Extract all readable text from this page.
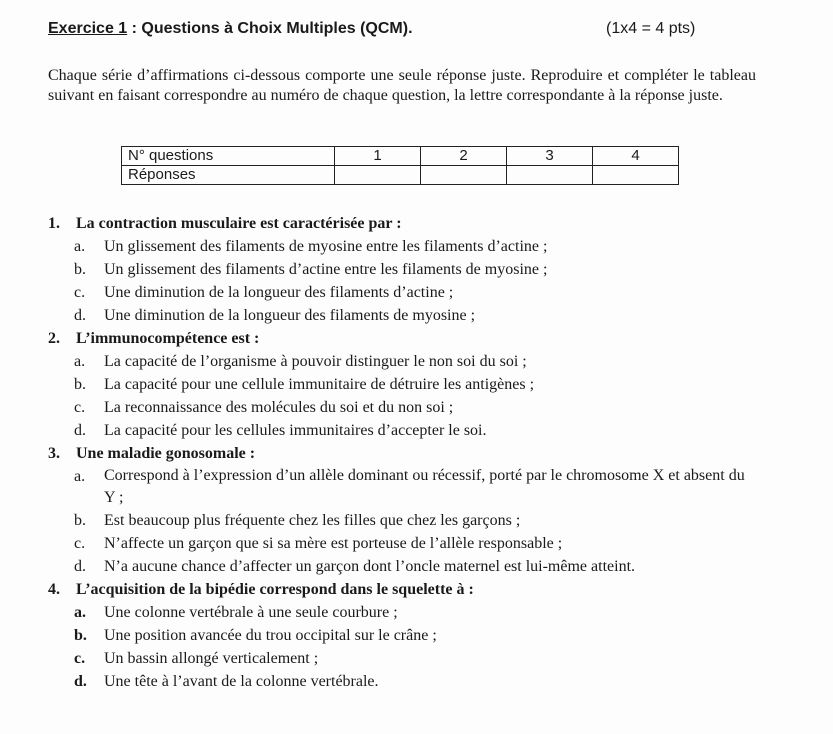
Exercice 1 : Questions à Choix Multiples (QCM).	(1x4 = 4 pts)
Chaque série d’affirmations ci-dessous comporte une seule réponse juste. Reproduire et compléter le tableau suivant en faisant correspondre au numéro de chaque question, la lettre correspondante à la réponse juste.
N° questions	1	2	3	4
Réponses				
1. La contraction musculaire est caractérisée par :
a. Un glissement des filaments de myosine entre les filaments d’actine ;
b. Un glissement des filaments d’actine entre les filaments de myosine ;
c. Une diminution de la longueur des filaments d’actine ;
d. Une diminution de la longueur des filaments de myosine ;
2. L’immunocompétence est :
a. La capacité de l’organisme à pouvoir distinguer le non soi du soi ;
b. La capacité pour une cellule immunitaire de détruire les antigènes ;
c. La reconnaissance des molécules du soi et du non soi ;
d. La capacité pour les cellules immunitaires d’accepter le soi.
3. Une maladie gonosomale :
a. Correspond à l’expression d’un allèle dominant ou récessif, porté par le chromosome X et absent du Y ;
b. Est beaucoup plus fréquente chez les filles que chez les garçons ;
c. N’affecte un garçon que si sa mère est porteuse de l’allèle responsable ;
d. N’a aucune chance d’affecter un garçon dont l’oncle maternel est lui-même atteint.
4. L’acquisition de la bipédie correspond dans le squelette à :
a. Une colonne vertébrale à une seule courbure ;
b. Une position avancée du trou occipital sur le crâne ;
c. Un bassin allongé verticalement ;
d. Une tête à l’avant de la colonne vertébrale.
